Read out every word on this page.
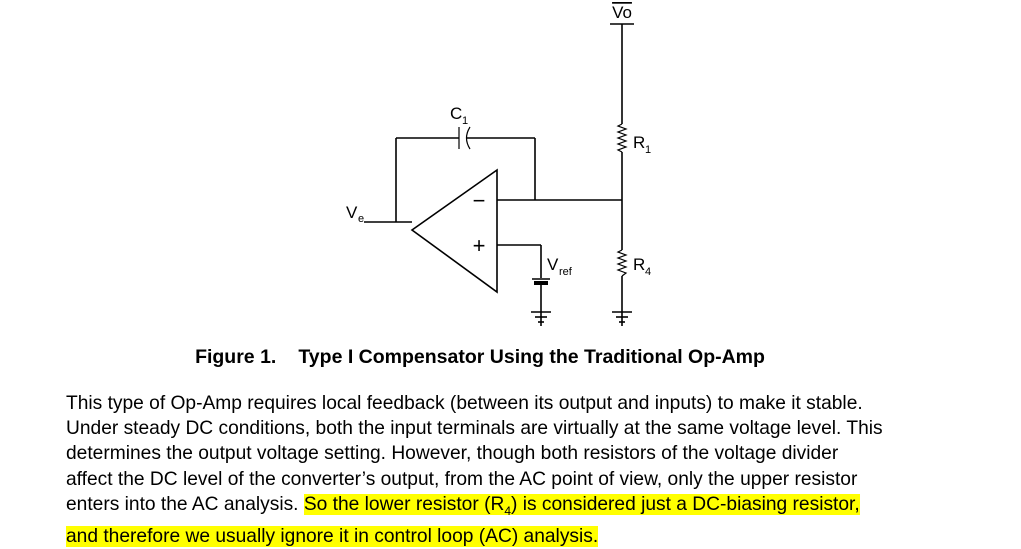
Vo
R 1
R 4
−
+
C 1
V e
V ref
Figure 1. Type I Compensator Using the Traditional Op-Amp
This type of Op-Amp requires local feedback (between its output and inputs) to make it stable.
Under steady DC conditions, both the input terminals are virtually at the same voltage level. This
determines the output voltage setting. However, though both resistors of the voltage divider
affect the DC level of the converter’s output, from the AC point of view, only the upper resistor
enters into the AC analysis. So the lower resistor $(R_4)$ is considered just a DC-biasing resistor,
and therefore we usually ignore it in control loop (AC) analysis.
